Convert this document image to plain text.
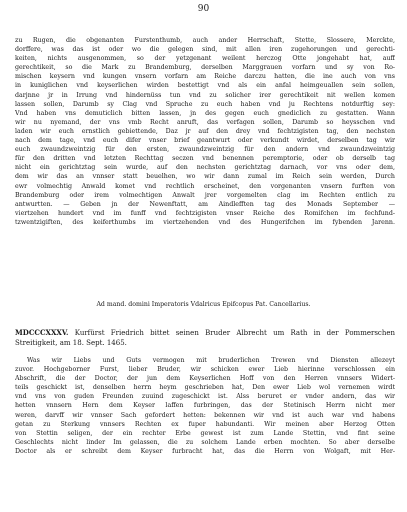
90
zu Rugen, die obgenanten Furstenthumb, auch ander Herrschaft, Stette, Slossere, Merckte,
dorffere, was das ist oder wo die gelegen sind, mit allen iren zugehorungen und gerechti-
keiten, nichts ausgenommen, so der yetzgenant weilent herczog Otte jongehabt hat, auff
gerechtikeit, so die Mark zu Brandemburg, derselben Marggrauen vorfarn und sy von Ro-
mischen keysern vnd kungen vnsern vorfarn am Reiche darczu hatten, die ine auch von vns
in kuniglichen vnd keyserlichen wirden bestettigt vnd als ein anfal heimgeuallen sein sollen,
darjnne jr in Irrung vnd hindernüss tun vnd zu solicher irer gerechtikeit nit wellen komen
lassen sollen, Darumb sy Clag vnd Spruche zu euch haben vnd ju Rechtens notdurftig sey:
Vnd haben vns demuticlich bitten lassen, jn des gegen euch gnediclich zu gestatten. Wann
wir nu nyemand, der vns vmb Recht anruft, das verfagen sollen, Darumb so heysschen vnd
laden wir euch ernstlich gebiettende, Daz jr auf den drey vnd fechtzigisten tag, den nechsten
nach dem tage, vnd euch difer vnser brief geantwurt oder verkundt wirdet, derselben tag wir
euch zwaundzweintzig für den ersten, zwaundzweintzig für den andern vnd zwaundzweintzig
für den dritten vnd letzten Rechttag seczen vnd benennen peremptorie, oder ob derselb tag
nicht ein gerichtztag sein wurde, auf den nechsten gerichtztag darnach, vor vns oder dem,
dem wir das an vnnser statt beuelhen, wo wir dann zumal im Reich sein werden, Durch
ewr volmechtig Anwald komet vnd rechtlich erscheinet, den vorgenanten vnsern furften von
Brandemburg oder irem volmechtigen Anwalt jrer vorgemelten clag im Rechten entlich zu
antwurtten. — Geben jn der Newenftatt, am Aindlefften tag des Monads September —
viertzehen hundert vnd im funff vnd fechtzigisten vnser Reiche des Romifchen im fechfund-
tzwentzigiften, des keiferthumbs im viertzehenden vnd des Hungerifchen im fybenden Jarenn.
Ad mand. domini Imperatoris Vdalricus Epifcopus Pat. Cancellarius.
MDCCCXXXV. Kurfürst Friedrich bittet seinen Bruder Albrecht um Rath in der Pommerschen
Streitigkeit, am 18. Sept. 1465.
Was wir Liebs und Guts vermogen mit bruderlichen Trewen vnd Diensten allezeyt
zuvor. Hochgeborner Furst, lieber Bruder, wir schicken ewer Lieb hierinne verschlossen ein
Abschrift, die der Doctor, der jun dem Keyserlichen Hoff von den Herren vnnsers Widert-
teils geschickt ist, denselben herrn heym geschrieben hat, Den ewer Lieb wol vernemen wirdt
vnd vns von guden Freunden zuuind zugeschickt ist. Alss beruret er vnder andern, das wir
hetten vnnsern Hern dem Keyser laffen furbringen, das der Stetinisch Herrn nicht mer
weren, darvff wir vnnser Sach gefordert hetten: bekennen wir vnd ist auch war vnd habens
getan zu Sterkung vnnsers Rechten ex fuper habundanti. Wir meinen aber Herzog Otten
von Stettin seligen, der ein rechter Erbe gewest ist zum Lande Stettin, vnd fint seine
Geschlechts nicht linder Im gelassen, die zu solchem Lande erben mochten. So aber derselbe
Doctor als er schreibt dem Keyser furbracht hat, das die Herrn von Wolgaft, mit Her-
